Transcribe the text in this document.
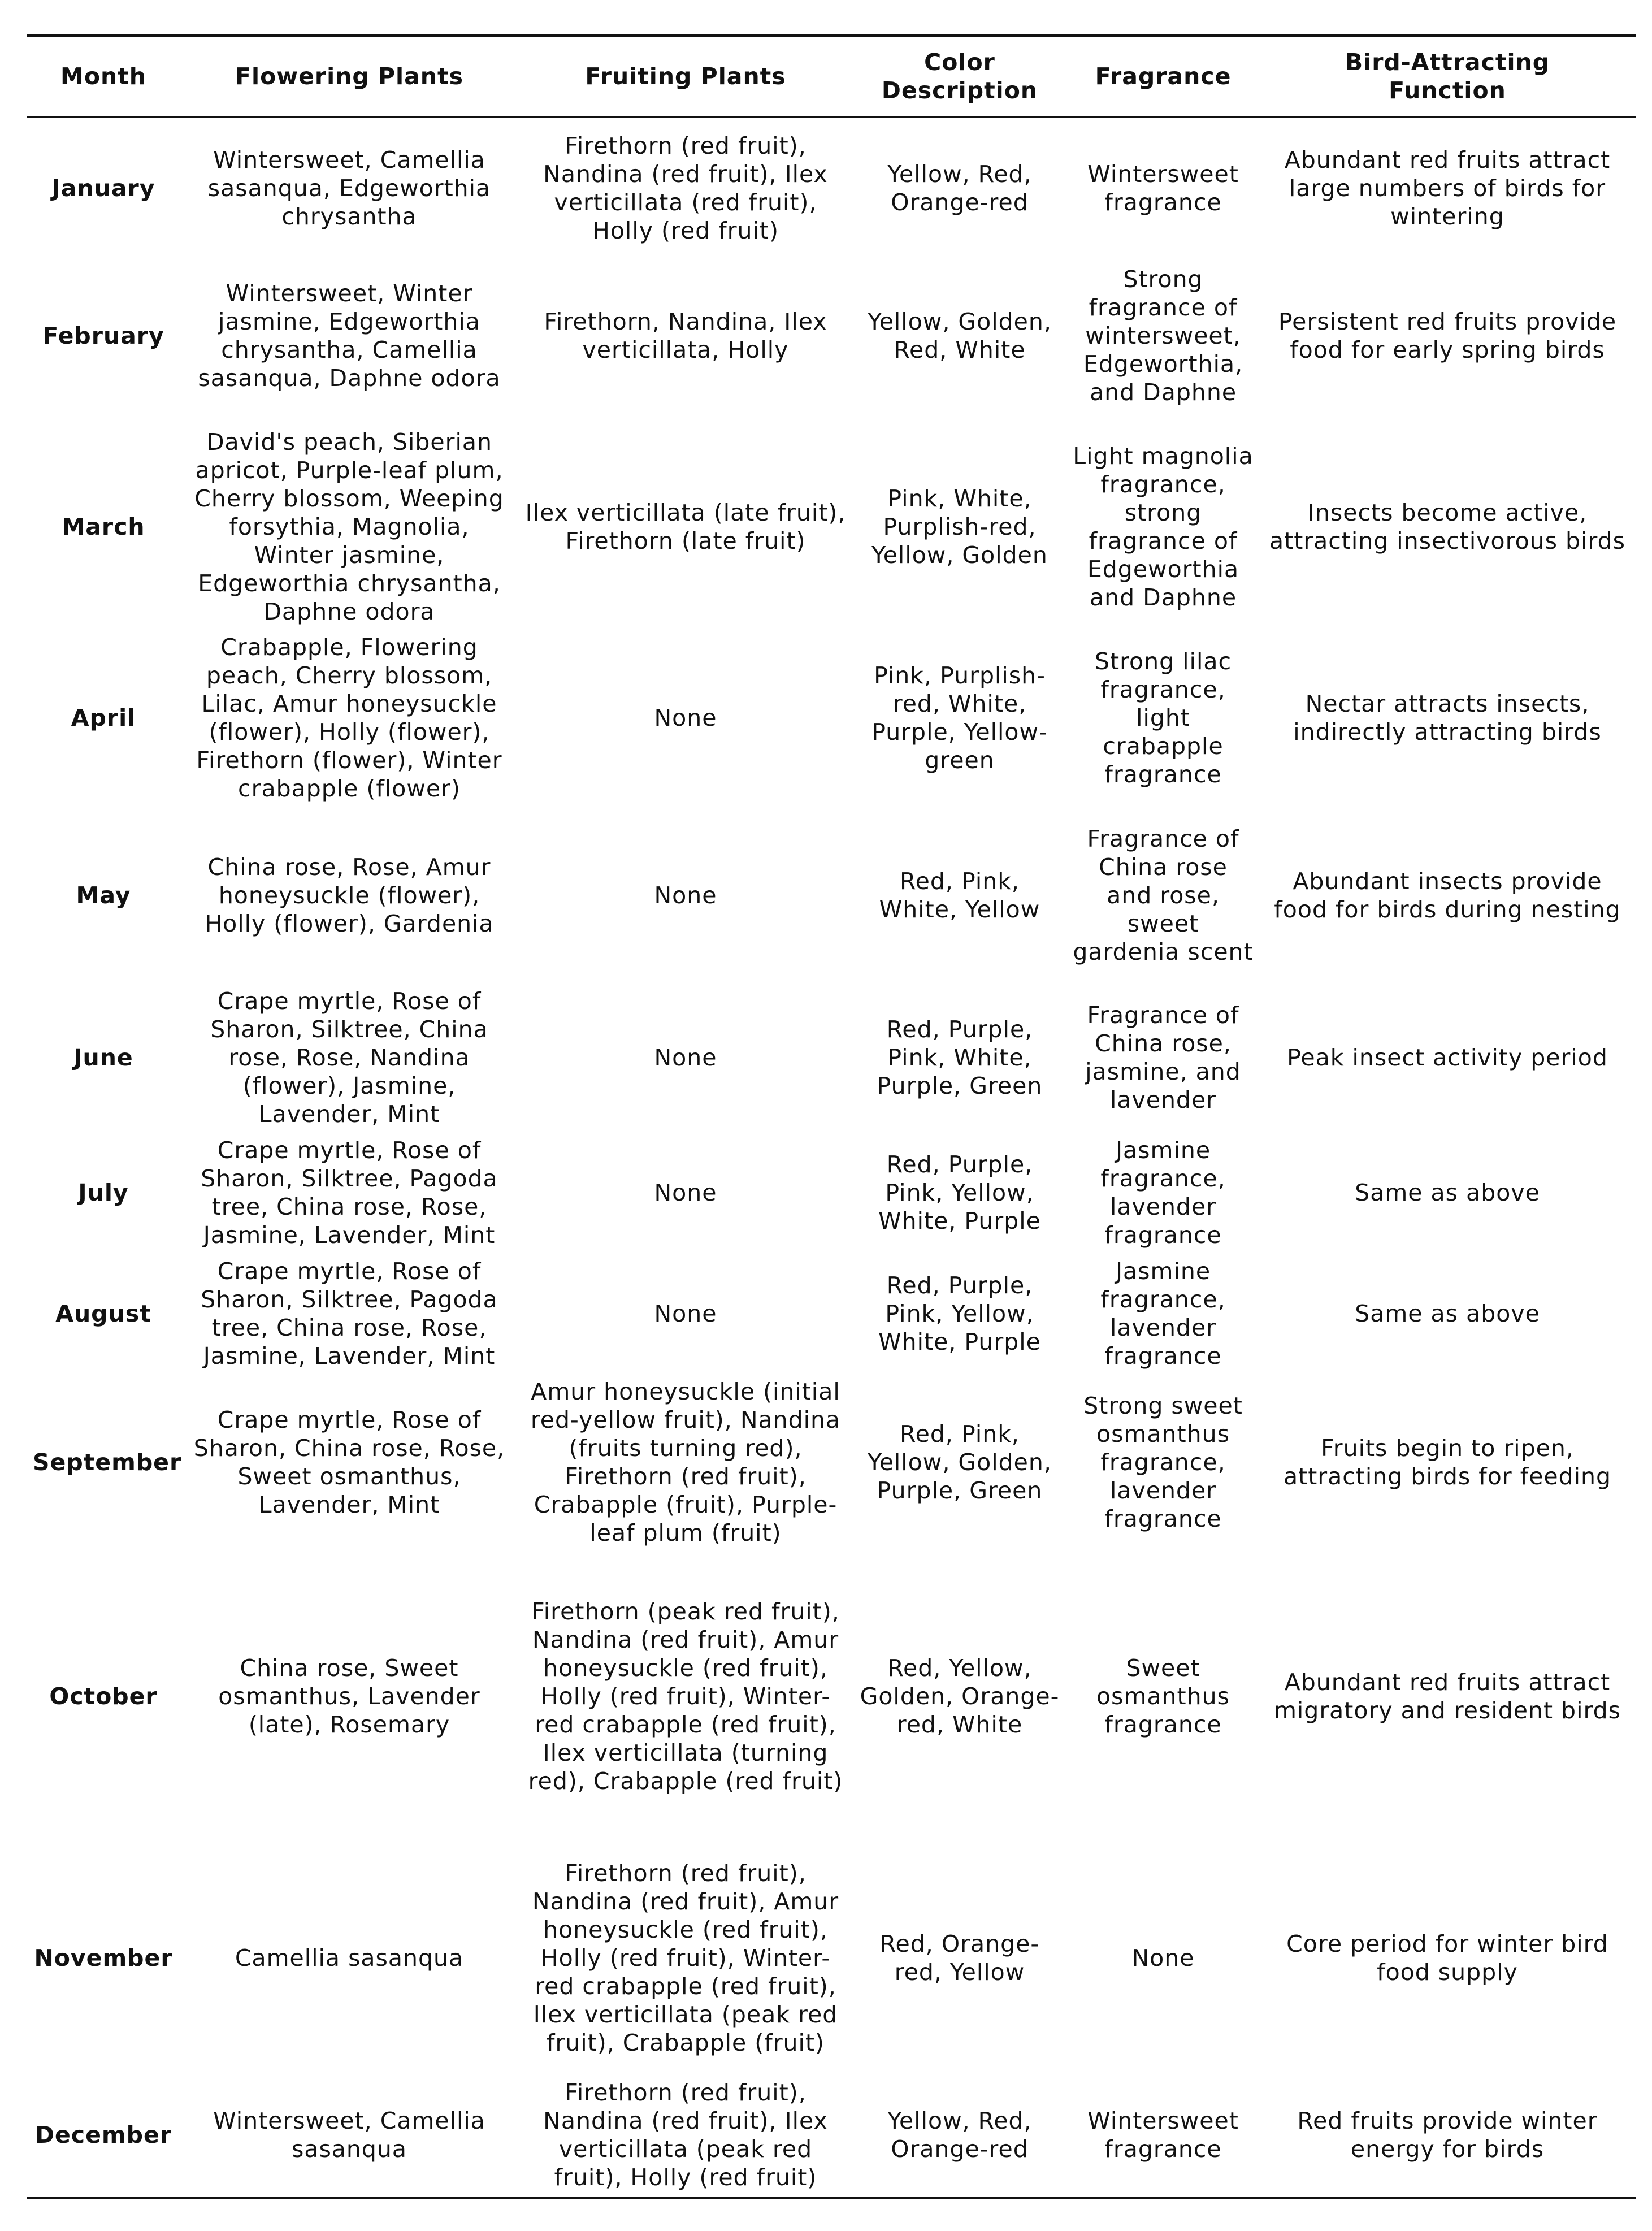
Month	Flowering Plants	Fruiting Plants	Color Description	Fragrance	Bird-Attracting Function
January	Wintersweet, Camellia sasanqua, Edgeworthia chrysantha	Firethorn (red fruit), Nandina (red fruit), Ilex verticillata (red fruit), Holly (red fruit)	Yellow, Red, Orange-red	Wintersweet fragrance	Abundant red fruits attract large numbers of birds for wintering
February	Wintersweet, Winter jasmine, Edgeworthia chrysantha, Camellia sasanqua, Daphne odora	Firethorn, Nandina, Ilex verticillata, Holly	Yellow, Golden, Red, White	Strong fragrance of wintersweet, Edgeworthia, and Daphne	Persistent red fruits provide food for early spring birds
March	David's peach, Siberian apricot, Purple-leaf plum, Cherry blossom, Weeping forsythia, Magnolia, Winter jasmine, Edgeworthia chrysantha, Daphne odora	Ilex verticillata (late fruit), Firethorn (late fruit)	Pink, White, Purplish-red, Yellow, Golden	Light magnolia fragrance, strong fragrance of Edgeworthia and Daphne	Insects become active, attracting insectivorous birds
April	Crabapple, Flowering peach, Cherry blossom, Lilac, Amur honeysuckle (flower), Holly (flower), Firethorn (flower), Winter crabapple (flower)	None	Pink, Purplish-red, White, Purple, Yellow-green	Strong lilac fragrance, light crabapple fragrance	Nectar attracts insects, indirectly attracting birds
May	China rose, Rose, Amur honeysuckle (flower), Holly (flower), Gardenia	None	Red, Pink, White, Yellow	Fragrance of China rose and rose, sweet gardenia scent	Abundant insects provide food for birds during nesting
June	Crape myrtle, Rose of Sharon, Silktree, China rose, Rose, Nandina (flower), Jasmine, Lavender, Mint	None	Red, Purple, Pink, White, Purple, Green	Fragrance of China rose, jasmine, and lavender	Peak insect activity period
July	Crape myrtle, Rose of Sharon, Silktree, Pagoda tree, China rose, Rose, Jasmine, Lavender, Mint	None	Red, Purple, Pink, Yellow, White, Purple	Jasmine fragrance, lavender fragrance	Same as above
August	Crape myrtle, Rose of Sharon, Silktree, Pagoda tree, China rose, Rose, Jasmine, Lavender, Mint	None	Red, Purple, Pink, Yellow, White, Purple	Jasmine fragrance, lavender fragrance	Same as above
September	Crape myrtle, Rose of Sharon, China rose, Rose, Sweet osmanthus, Lavender, Mint	Amur honeysuckle (initial red-yellow fruit), Nandina (fruits turning red), Firethorn (red fruit), Crabapple (fruit), Purple-leaf plum (fruit)	Red, Pink, Yellow, Golden, Purple, Green	Strong sweet osmanthus fragrance, lavender fragrance	Fruits begin to ripen, attracting birds for feeding
October	China rose, Sweet osmanthus, Lavender (late), Rosemary	Firethorn (peak red fruit), Nandina (red fruit), Amur honeysuckle (red fruit), Holly (red fruit), Winter-red crabapple (red fruit), Ilex verticillata (turning red), Crabapple (red fruit)	Red, Yellow, Golden, Orange-red, White	Sweet osmanthus fragrance	Abundant red fruits attract migratory and resident birds
November	Camellia sasanqua	Firethorn (red fruit), Nandina (red fruit), Amur honeysuckle (red fruit), Holly (red fruit), Winter-red crabapple (red fruit), Ilex verticillata (peak red fruit), Crabapple (fruit)	Red, Orange-red, Yellow	None	Core period for winter bird food supply
December	Wintersweet, Camellia sasanqua	Firethorn (red fruit), Nandina (red fruit), Ilex verticillata (peak red fruit), Holly (red fruit)	Yellow, Red, Orange-red	Wintersweet fragrance	Red fruits provide winter energy for birds
